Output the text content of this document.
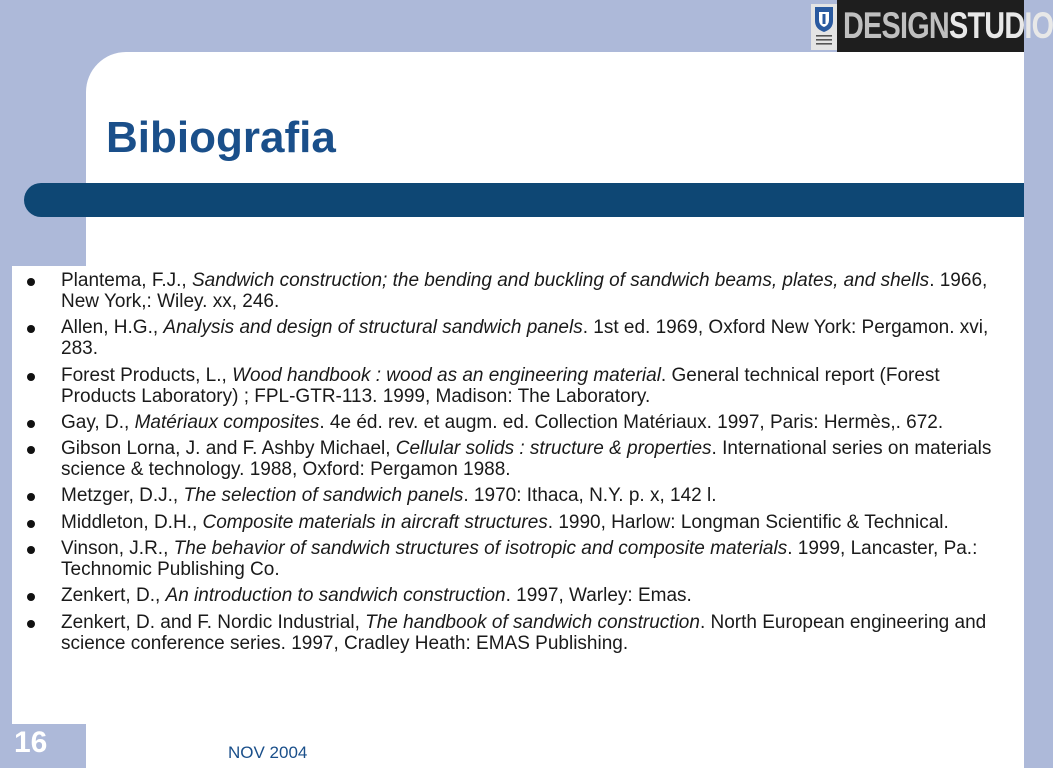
DESIGNSTUDIO
Bibiografia
Plantema, F.J., Sandwich construction; the bending and buckling of sandwich beams, plates, and shells. 1966, New York,: Wiley. xx, 246.
Allen, H.G., Analysis and design of structural sandwich panels. 1st ed. 1969, Oxford New York: Pergamon. xvi, 283.
Forest Products, L., Wood handbook : wood as an engineering material. General technical report (Forest Products Laboratory) ; FPL-GTR-113. 1999, Madison: The Laboratory.
Gay, D., Matériaux composites. 4e éd. rev. et augm. ed. Collection Matériaux. 1997, Paris: Hermès,. 672.
Gibson Lorna, J. and F. Ashby Michael, Cellular solids : structure & properties. International series on materials science & technology. 1988, Oxford: Pergamon 1988.
Metzger, D.J., The selection of sandwich panels. 1970: Ithaca, N.Y. p. x, 142 l.
Middleton, D.H., Composite materials in aircraft structures. 1990, Harlow: Longman Scientific & Technical.
Vinson, J.R., The behavior of sandwich structures of isotropic and composite materials. 1999, Lancaster, Pa.: Technomic Publishing Co.
Zenkert, D., An introduction to sandwich construction. 1997, Warley: Emas.
Zenkert, D. and F. Nordic Industrial, The handbook of sandwich construction. North European engineering and science conference series. 1997, Cradley Heath: EMAS Publishing.
16	NOV 2004
